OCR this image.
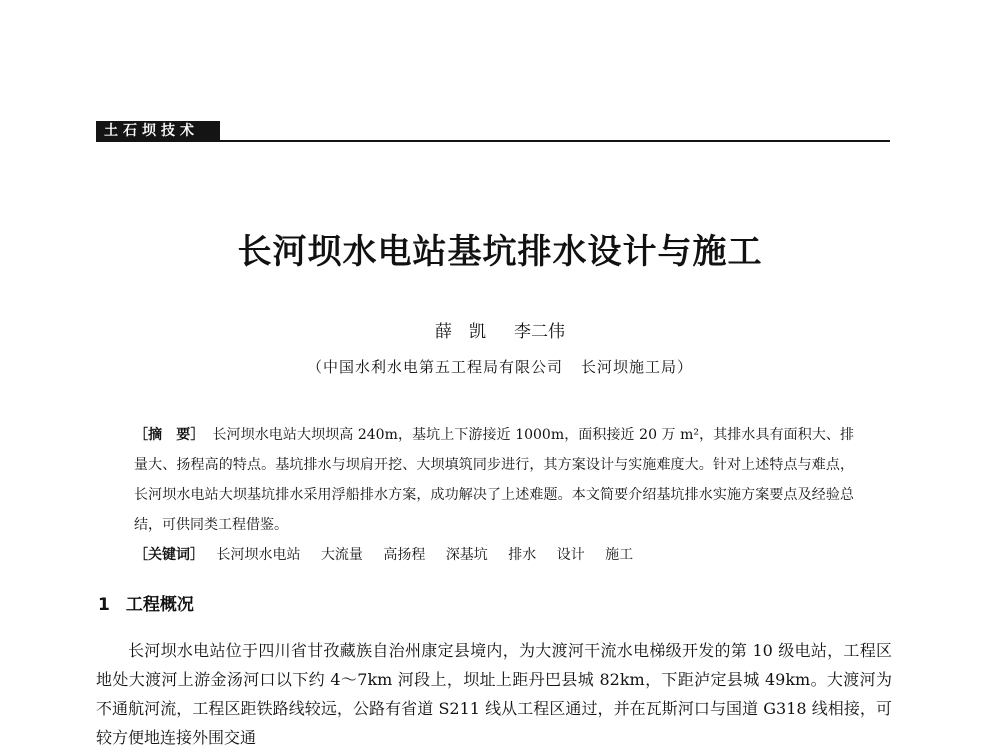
土石坝技术
长河坝水电站基坑排水设计与施工
薛　凯 李二伟
（中国水利水电第五工程局有限公司 长河坝施工局）
［摘　要］ 长河坝水电站大坝坝高 240m，基坑上下游接近 1000m，面积接近 20 万 m²，其排水具有面积大、排量大、扬程高的特点。基坑排水与坝肩开挖、大坝填筑同步进行，其方案设计与实施难度大。针对上述特点与难点，长河坝水电站大坝基坑排水采用浮船排水方案，成功解决了上述难题。本文简要介绍基坑排水实施方案要点及经验总结，可供同类工程借鉴。
［关键词］ 长河坝水电站 大流量 高扬程 深基坑 排水 设计 施工
1 工程概况
长河坝水电站位于四川省甘孜藏族自治州康定县境内，为大渡河干流水电梯级开发的第 10 级电站，工程区地处大渡河上游金汤河口以下约 4～7km 河段上，坝址上距丹巴县城 82km，下距泸定县城 49km。大渡河为不通航河流，工程区距铁路线较远，公路有省道 S211 线从工程区通过，并在瓦斯河口与国道 G318 线相接，可较方便地连接外围交通
